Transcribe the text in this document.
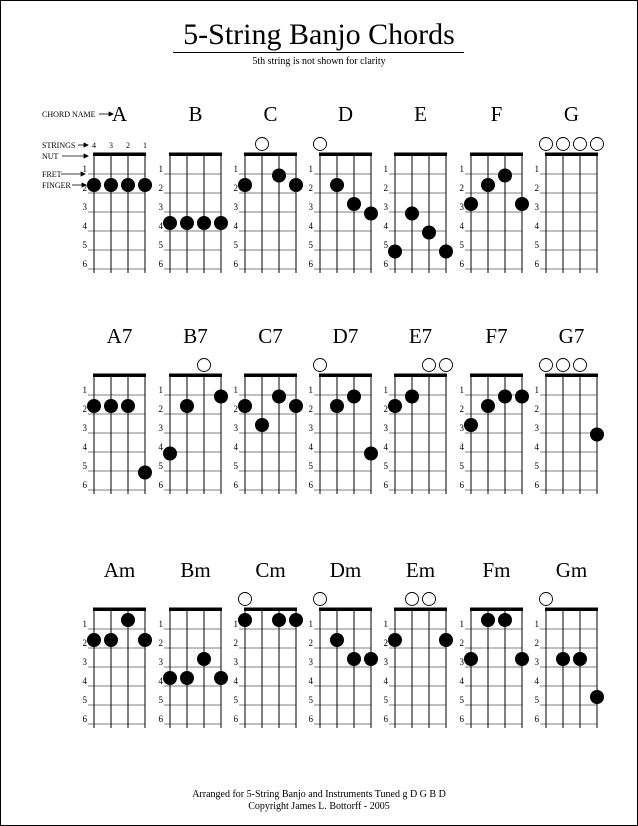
5-String Banjo Chords
5th string is not shown for clarity
CHORD NAME
STRINGS
NUT
FRET
FINGER
4 3 2 1
A
1
2
3
4
5
6
B
1
2
3
4
5
6
C
1
2
3
4
5
6
D
1
2
3
4
5
6
E
1
2
3
4
5
6
F
1
2
3
4
5
6
G
1
2
3
4
5
6
A7
1
2
3
4
5
6
B7
1
2
3
4
5
6
C7
1
2
3
4
5
6
D7
1
2
3
4
5
6
E7
1
2
3
4
5
6
F7
1
2
3
4
5
6
G7
1
2
3
4
5
6
Am
1
2
3
4
5
6
Bm
1
2
3
4
5
6
Cm
1
2
3
4
5
6
Dm
1
2
3
4
5
6
Em
1
2
3
4
5
6
Fm
1
2
3
4
5
6
Gm
1
2
3
4
5
6
Arranged for 5-String Banjo and Instruments Tuned g D G B D
Copyright James L. Bottorff - 2005
